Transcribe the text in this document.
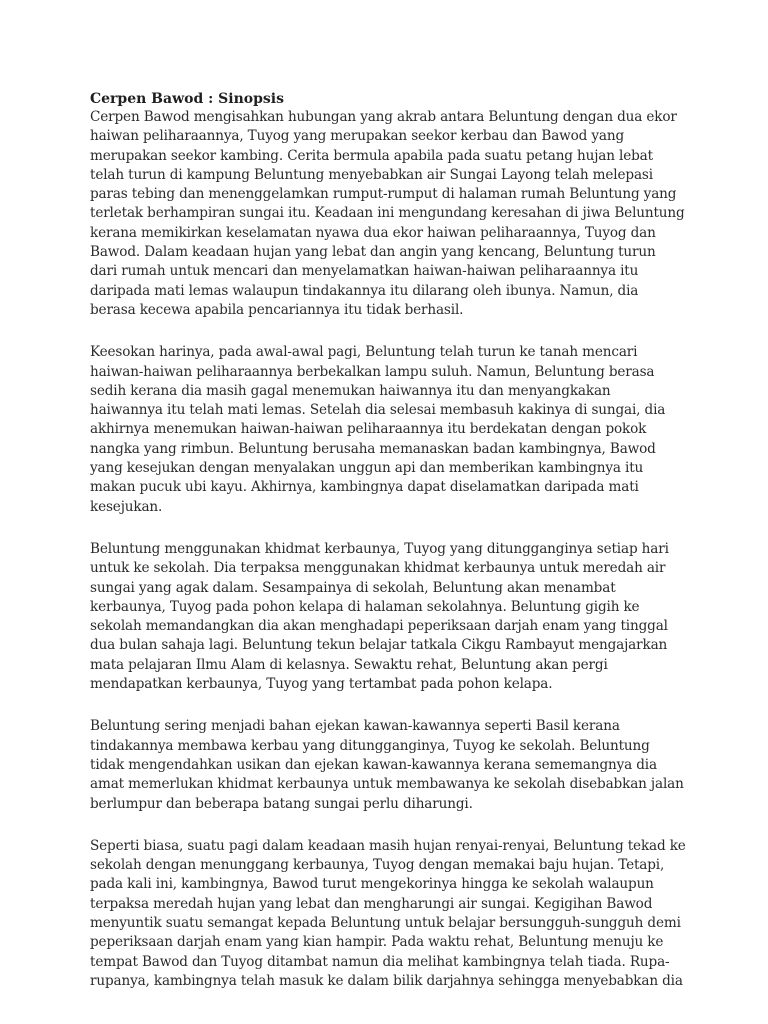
Cerpen Bawod : Sinopsis

Cerpen Bawod mengisahkan hubungan yang akrab antara Beluntung dengan dua ekor haiwan peliharaannya, Tuyog yang merupakan seekor kerbau dan Bawod yang merupakan seekor kambing. Cerita bermula apabila pada suatu petang hujan lebat telah turun di kampung Beluntung menyebabkan air Sungai Layong telah melepasi paras tebing dan menenggelamkan rumput-rumput di halaman rumah Beluntung yang terletak berhampiran sungai itu. Keadaan ini mengundang keresahan di jiwa Beluntung kerana memikirkan keselamatan nyawa dua ekor haiwan peliharaannya, Tuyog dan Bawod. Dalam keadaan hujan yang lebat dan angin yang kencang, Beluntung turun dari rumah untuk mencari dan menyelamatkan haiwan-haiwan peliharaannya itu daripada mati lemas walaupun tindakannya itu dilarang oleh ibunya. Namun, dia berasa kecewa apabila pencariannya itu tidak berhasil.

Keesokan harinya, pada awal-awal pagi, Beluntung telah turun ke tanah mencari haiwan-haiwan peliharaannya berbekalkan lampu suluh. Namun, Beluntung berasa sedih kerana dia masih gagal menemukan haiwannya itu dan menyangkakan haiwannya itu telah mati lemas. Setelah dia selesai membasuh kakinya di sungai, dia akhirnya menemukan haiwan-haiwan peliharaannya itu berdekatan dengan pokok nangka yang rimbun. Beluntung berusaha memanaskan badan kambingnya, Bawod yang kesejukan dengan menyalakan unggun api dan memberikan kambingnya itu makan pucuk ubi kayu. Akhirnya, kambingnya dapat diselamatkan daripada mati kesejukan.

Beluntung menggunakan khidmat kerbaunya, Tuyog yang ditungganginya setiap hari untuk ke sekolah. Dia terpaksa menggunakan khidmat kerbaunya untuk meredah air sungai yang agak dalam. Sesampainya di sekolah, Beluntung akan menambat kerbaunya, Tuyog pada pohon kelapa di halaman sekolahnya. Beluntung gigih ke sekolah memandangkan dia akan menghadapi peperiksaan darjah enam yang tinggal dua bulan sahaja lagi. Beluntung tekun belajar tatkala Cikgu Rambayut mengajarkan mata pelajaran Ilmu Alam di kelasnya. Sewaktu rehat, Beluntung akan pergi mendapatkan kerbaunya, Tuyog yang tertambat pada pohon kelapa.

Beluntung sering menjadi bahan ejekan kawan-kawannya seperti Basil kerana tindakannya membawa kerbau yang ditungganginya, Tuyog ke sekolah. Beluntung tidak mengendahkan usikan dan ejekan kawan-kawannya kerana sememangnya dia amat memerlukan khidmat kerbaunya untuk membawanya ke sekolah disebabkan jalan berlumpur dan beberapa batang sungai perlu diharungi.

Seperti biasa, suatu pagi dalam keadaan masih hujan renyai-renyai, Beluntung tekad ke sekolah dengan menunggang kerbaunya, Tuyog dengan memakai baju hujan. Tetapi, pada kali ini, kambingnya, Bawod turut mengekorinya hingga ke sekolah walaupun terpaksa meredah hujan yang lebat dan mengharungi air sungai. Kegigihan Bawod menyuntik suatu semangat kepada Beluntung untuk belajar bersungguh-sungguh demi peperiksaan darjah enam yang kian hampir. Pada waktu rehat, Beluntung menuju ke tempat Bawod dan Tuyog ditambat namun dia melihat kambingnya telah tiada. Rupa-rupanya, kambingnya telah masuk ke dalam bilik darjahnya sehingga menyebabkan dia
